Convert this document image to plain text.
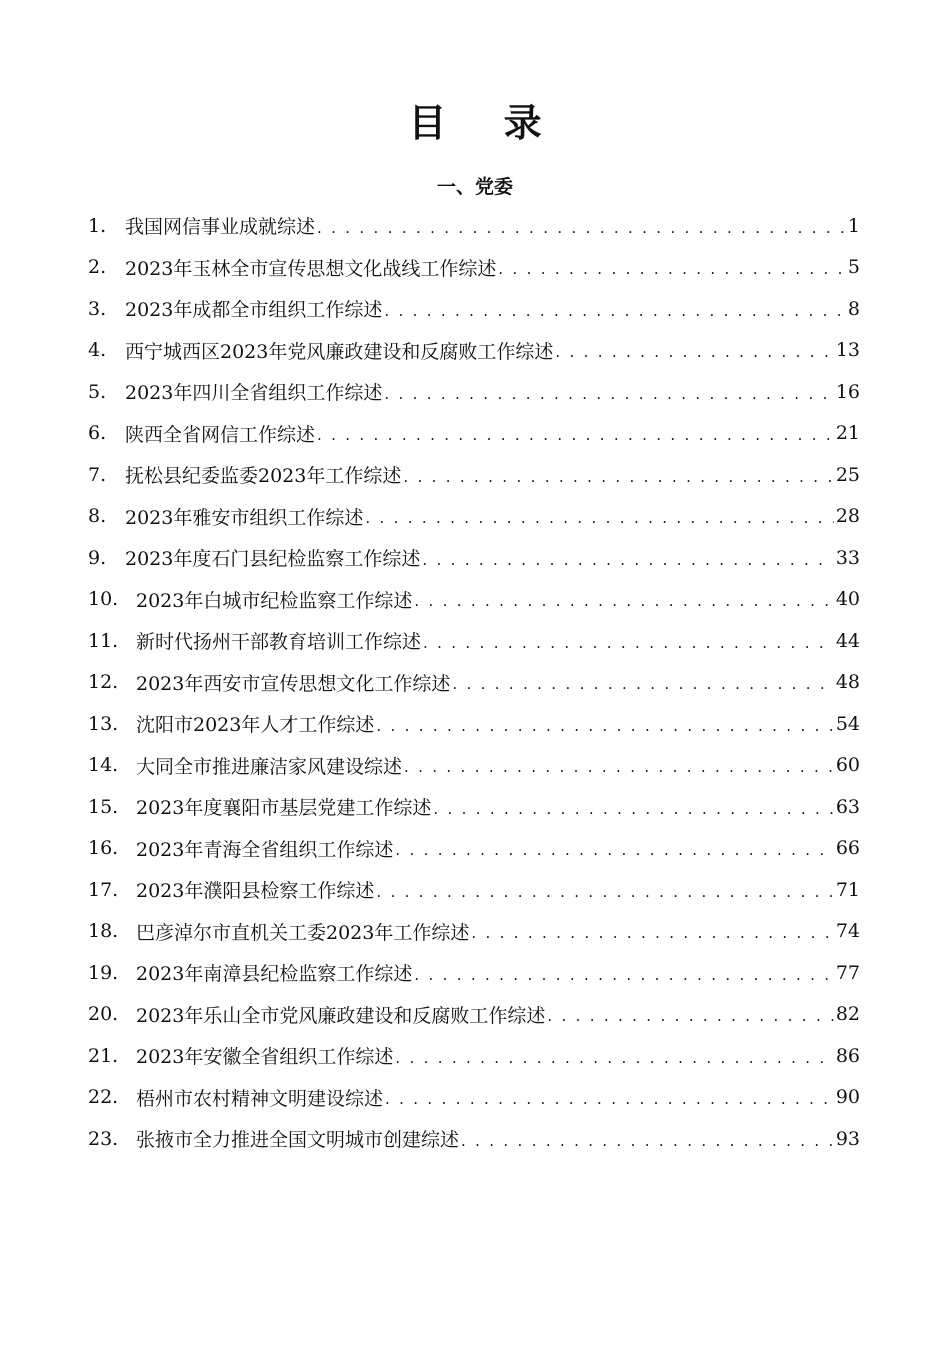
目 录
一、党委
1. 我国网信事业成就综述 . . .	1
2. 2023年玉林全市宣传思想文化战线工作综述 . . .	5
3. 2023年成都全市组织工作综述 . . .	8
4. 西宁城西区2023年党风廉政建设和反腐败工作综述 . . .	13
5. 2023年四川全省组织工作综述 . . .	16
6. 陕西全省网信工作综述 . . .	21
7. 抚松县纪委监委2023年工作综述 . . .	25
8. 2023年雅安市组织工作综述 . . .	28
9. 2023年度石门县纪检监察工作综述 . . .	33
10. 2023年白城市纪检监察工作综述 . . .	40
11. 新时代扬州干部教育培训工作综述 . . .	44
12. 2023年西安市宣传思想文化工作综述 . . .	48
13. 沈阳市2023年人才工作综述 . . .	54
14. 大同全市推进廉洁家风建设综述 . . .	60
15. 2023年度襄阳市基层党建工作综述 . . .	63
16. 2023年青海全省组织工作综述 . . .	66
17. 2023年濮阳县检察工作综述 . . .	71
18. 巴彦淖尔市直机关工委2023年工作综述 . . .	74
19. 2023年南漳县纪检监察工作综述 . . .	77
20. 2023年乐山全市党风廉政建设和反腐败工作综述 . . .	82
21. 2023年安徽全省组织工作综述 . . .	86
22. 梧州市农村精神文明建设综述 . . .	90
23. 张掖市全力推进全国文明城市创建综述 . . .	93
